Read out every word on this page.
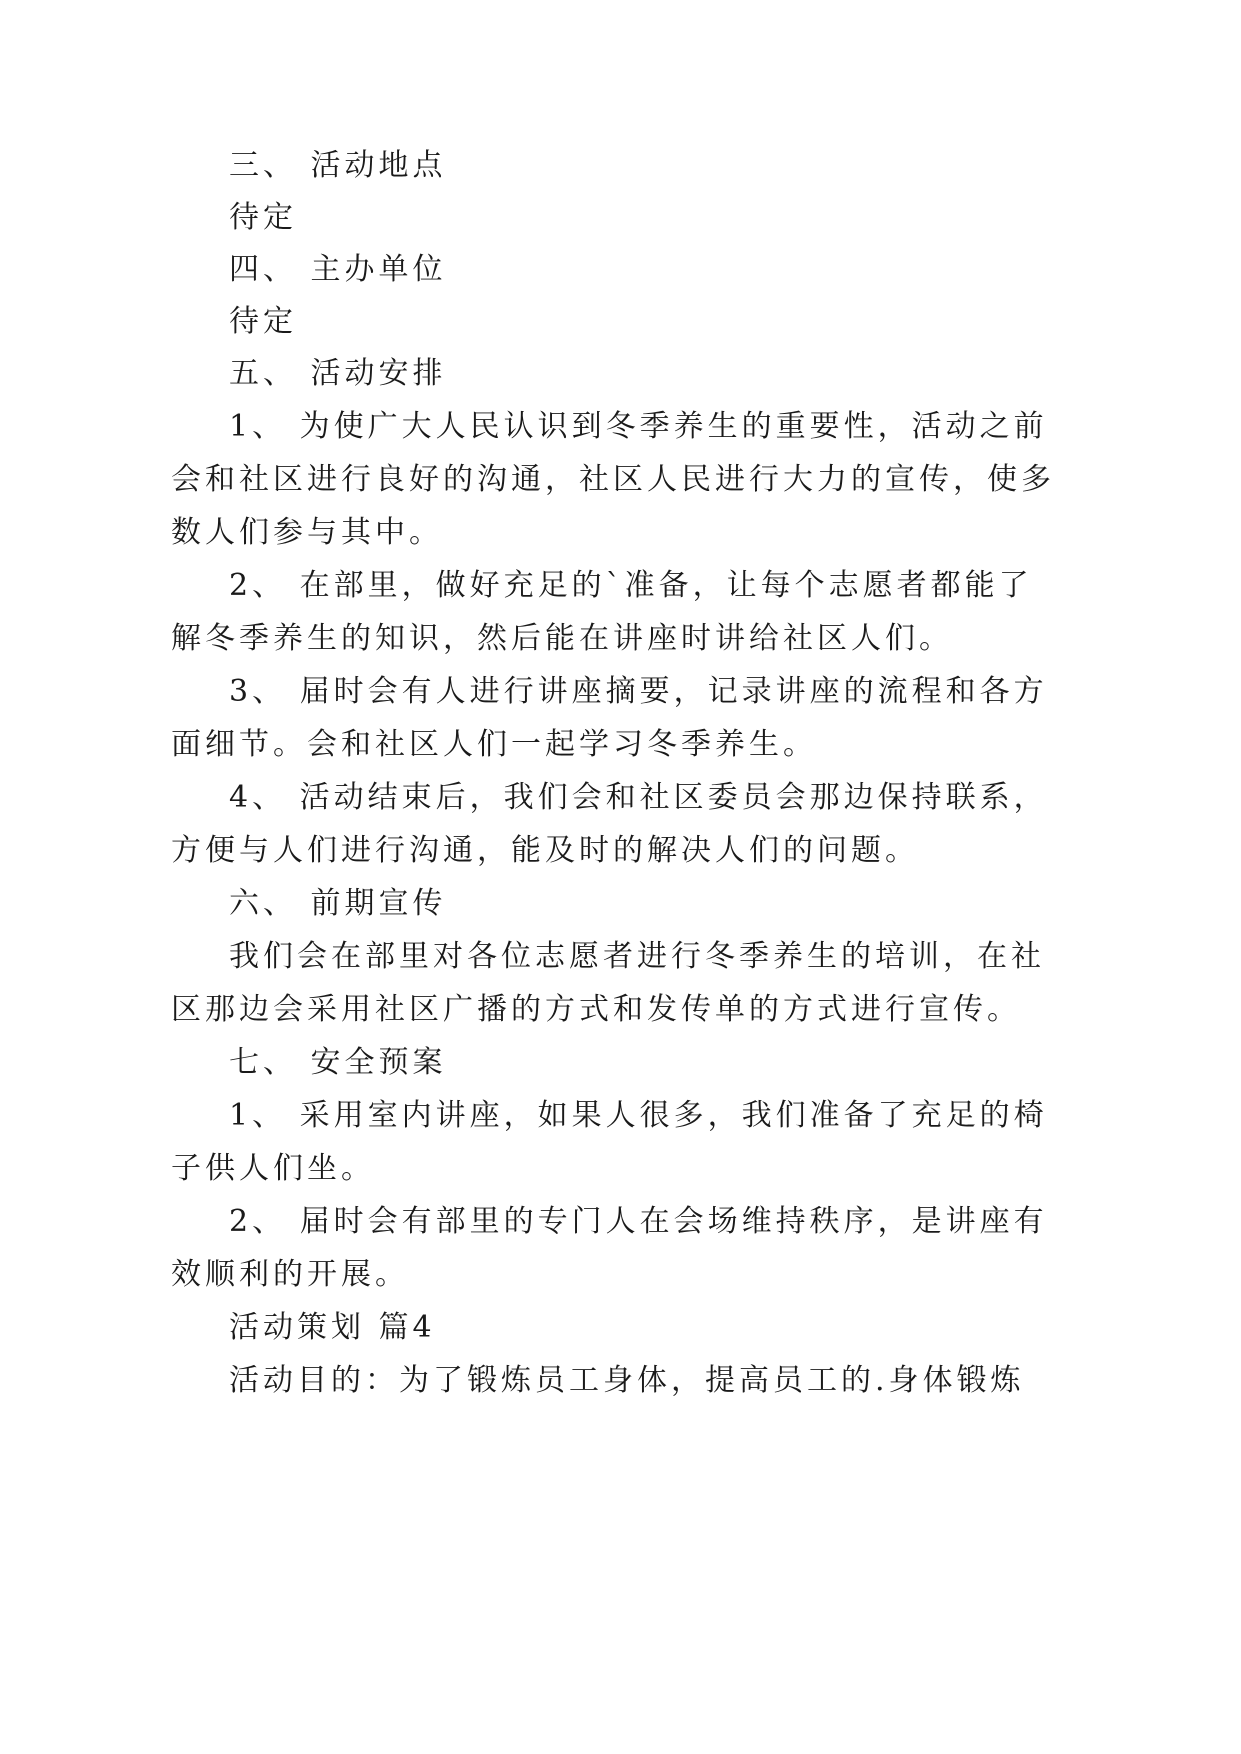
三、 活动地点

待定

四、 主办单位

待定

五、 活动安排

1、 为使广大人民认识到冬季养生的重要性，活动之前

会和社区进行良好的沟通，社区人民进行大力的宣传，使多

数人们参与其中。

2、 在部里，做好充足的`准备，让每个志愿者都能了

解冬季养生的知识，然后能在讲座时讲给社区人们。

3、 届时会有人进行讲座摘要，记录讲座的流程和各方

面细节。会和社区人们一起学习冬季养生。

4、 活动结束后，我们会和社区委员会那边保持联系，

方便与人们进行沟通，能及时的解决人们的问题。

六、 前期宣传

我们会在部里对各位志愿者进行冬季养生的培训，在社

区那边会采用社区广播的方式和发传单的方式进行宣传。

七、 安全预案

1、 采用室内讲座，如果人很多，我们准备了充足的椅

子供人们坐。

2、 届时会有部里的专门人在会场维持秩序，是讲座有

效顺利的开展。

活动策划 篇4

活动目的：为了锻炼员工身体，提高员工的.身体锻炼
